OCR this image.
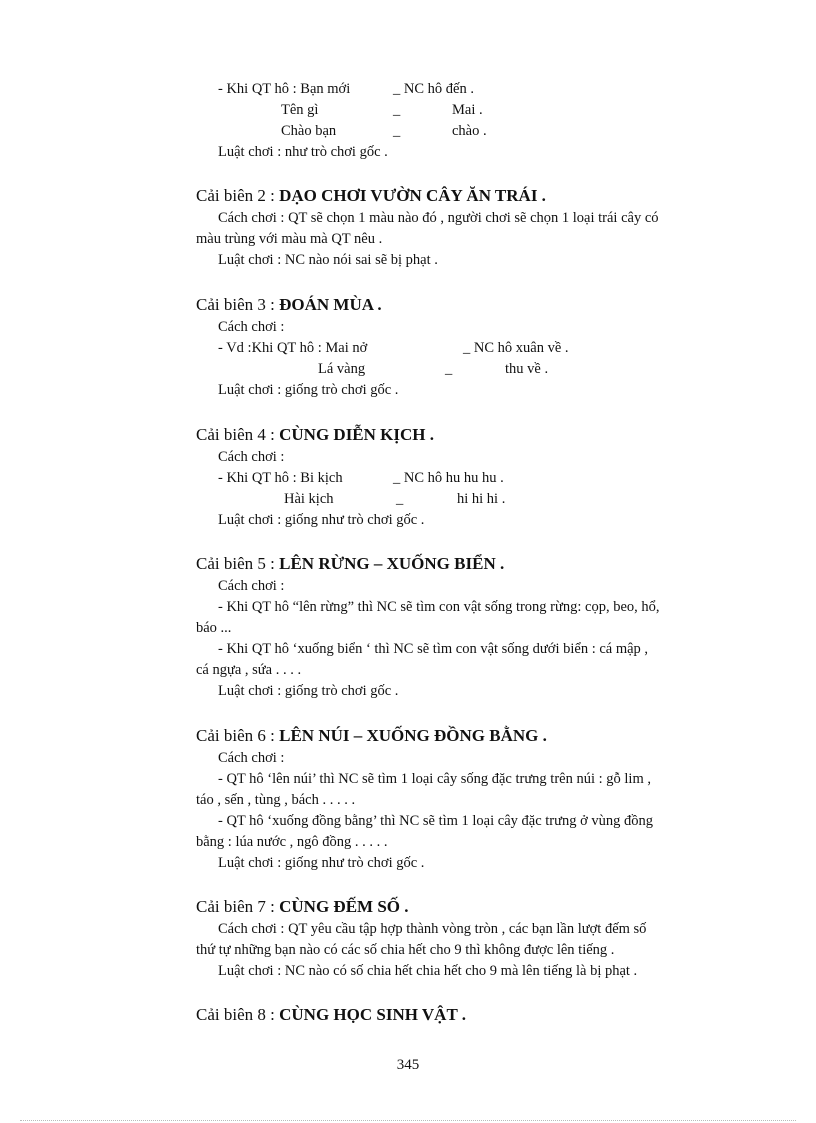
- Khi QT hô : Bạn mới	_ NC hô đến .
Tên gì	_	Mai .
Chào bạn	_	chào .
Luật chơi : như trò chơi gốc .
Cải biên 2 : DẠO CHƠI VƯỜN CÂY ĂN TRÁI .
Cách chơi : QT sẽ chọn 1 màu nào đó , người chơi sẽ chọn 1 loại trái cây có
màu trùng với màu mà QT nêu .
Luật chơi : NC nào nói sai sẽ bị phạt .
Cải biên 3 : ĐOÁN MÙA .
Cách chơi :
- Vd :Khi QT hô : Mai nở	_ NC hô xuân về .
Lá vàng	_	thu về .
Luật chơi : giống trò chơi gốc .
Cải biên 4 : CÙNG DIỄN KỊCH .
Cách chơi :
- Khi QT hô : Bi kịch	_ NC hô hu hu hu .
Hài kịch	_	hi hi hi .
Luật chơi : giống như trò chơi gốc .
Cải biên 5 : LÊN RỪNG – XUỐNG BIỂN .
Cách chơi :
- Khi QT hô “lên rừng” thì NC sẽ tìm con vật sống trong rừng: cọp, beo, hổ,
báo ...
- Khi QT hô ‘xuống biển ‘ thì NC sẽ tìm con vật sống dưới biển : cá mập ,
cá ngựa , sứa . . . .
Luật chơi : giống trò chơi gốc .
Cải biên 6 : LÊN NÚI – XUỐNG ĐỒNG BẰNG .
Cách chơi :
- QT hô ‘lên núi’ thì NC sẽ tìm 1 loại cây sống đặc trưng trên núi : gỗ lim ,
táo , sến , tùng , bách . . . . .
- QT hô ‘xuống đồng bằng’ thì NC sẽ tìm 1 loại cây đặc trưng ở vùng đồng
bằng : lúa nước , ngô đồng . . . . .
Luật chơi : giống như trò chơi gốc .
Cải biên 7 : CÙNG ĐẾM SỐ .
Cách chơi : QT yêu cầu tập hợp thành vòng tròn , các bạn lần lượt đếm số
thứ tự những bạn nào có các số chia hết cho 9 thì không được lên tiếng .
Luật chơi : NC nào có số chia hết chia hết cho 9 mà lên tiếng là bị phạt .
Cải biên 8 : CÙNG HỌC SINH VẬT .
345
